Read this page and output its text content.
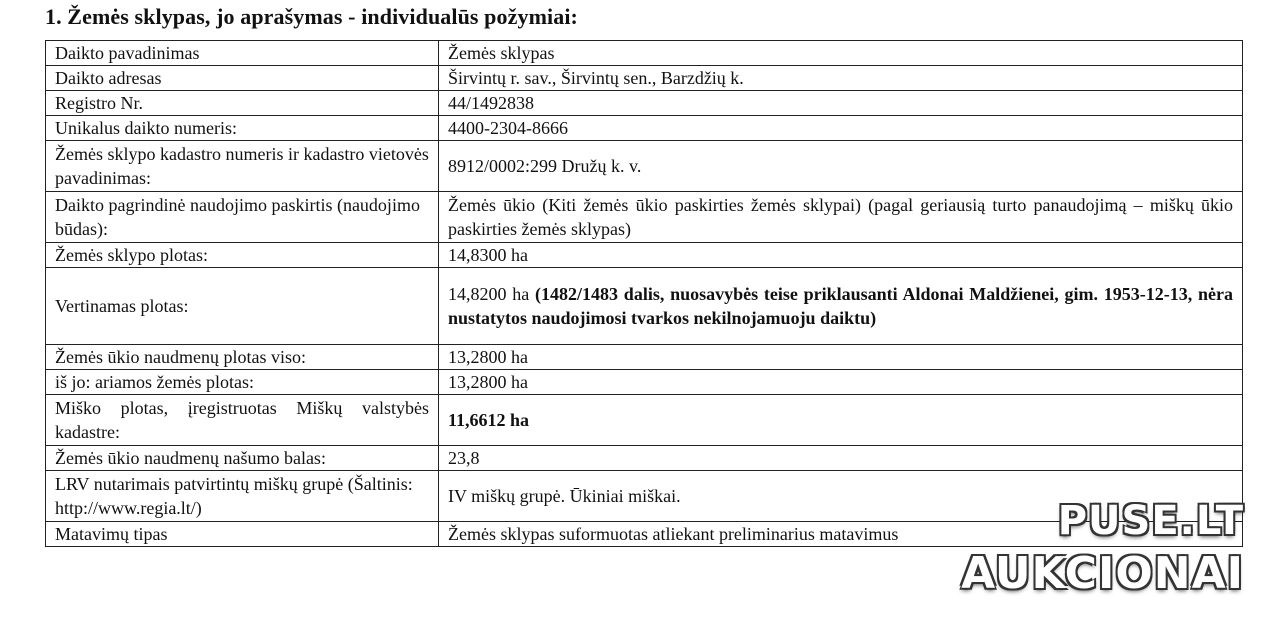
1. Žemės sklypas, jo aprašymas - individualūs požymiai:
Daikto pavadinimas	Žemės sklypas
Daikto adresas	Širvintų r. sav., Širvintų sen., Barzdžių k.
Registro Nr.	44/1492838
Unikalus daikto numeris:	4400-2304-8666
Žemės sklypo kadastro numeris ir kadastro vietovės pavadinimas:	8912/0002:299 Družų k. v.
Daikto pagrindinė naudojimo paskirtis (naudojimo būdas):	Žemės ūkio (Kiti žemės ūkio paskirties žemės sklypai) (pagal geriausią turto panaudojimą – miškų ūkio paskirties žemės sklypas)
Žemės sklypo plotas:	14,8300 ha
Vertinamas plotas:	14,8200 ha (1482/1483 dalis, nuosavybės teise priklausanti Aldonai Maldžienei, gim. 1953-12-13, nėra nustatytos naudojimosi tvarkos nekilnojamuoju daiktu)
Žemės ūkio naudmenų plotas viso:	13,2800 ha
iš jo: ariamos žemės plotas:	13,2800 ha
Miško plotas, įregistruotas Miškų valstybės kadastre:	11,6612 ha
Žemės ūkio naudmenų našumo balas:	23,8
LRV nutarimais patvirtintų miškų grupė (Šaltinis: http://www.regia.lt/)	IV miškų grupė. Ūkiniai miškai.
Matavimų tipas	Žemės sklypas suformuotas atliekant preliminarius matavimus	PUSE.LT
AUKCIONAI
